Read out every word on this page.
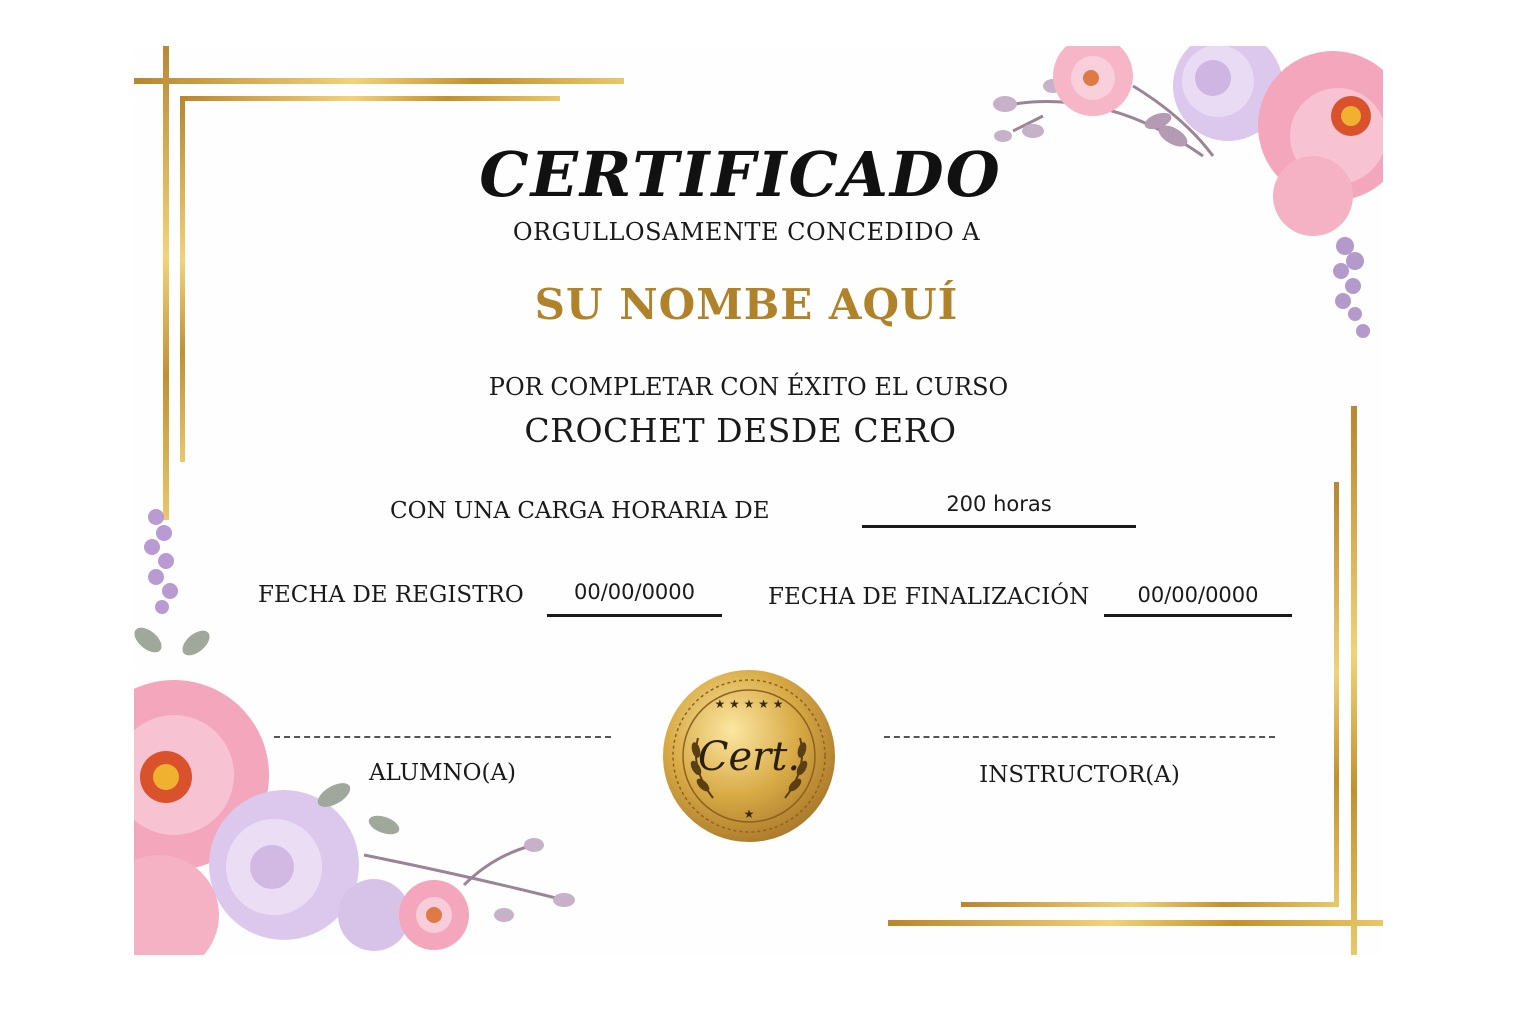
CERTIFICADO
ORGULLOSAMENTE CONCEDIDO A
SU NOMBE AQUÍ
POR COMPLETAR CON ÉXITO EL CURSO
CROCHET DESDE CERO
CON UNA CARGA HORARIA DE	200 horas
FECHA DE REGISTRO	00/00/0000	FECHA DE FINALIZACIÓN	00/00/0000
ALUMNO(A)	INSTRUCTOR(A)
★ ★ ★ ★ ★
★
Cert.
